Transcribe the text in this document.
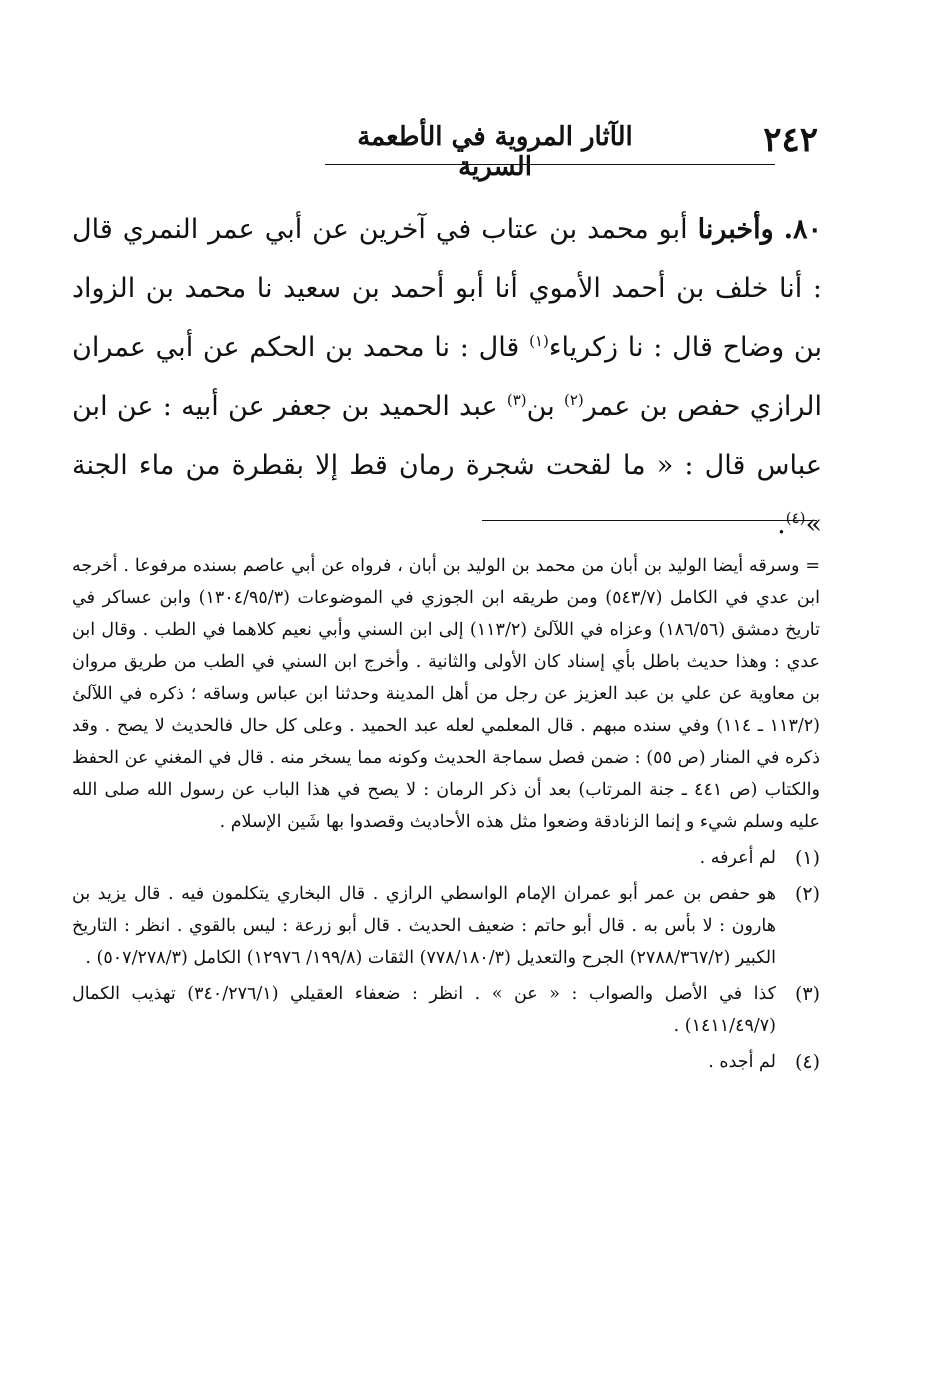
٢٤٢
الآثار المروية في الأطعمة السرية
٨٠. وأخبرنا أبو محمد بن عتاب في آخرين عن أبي عمر النمري قال : أنا خلف بن أحمد الأموي أنا أبو أحمد بن سعيد نا محمد بن الزواد بن وضاح قال : نا زكرياء$^{(١)}$ قال : نا محمد بن الحكم عن أبي عمران الرازي حفص بن عمر$^{(٢)}$ بن$^{(٣)}$ عبد الحميد بن جعفر عن أبيه : عن ابن عباس قال : « ما لقحت شجرة رمان قط إلا بقطرة من ماء الجنة »$^{(٤)}$.

= وسرقه أيضا الوليد بن أبان من محمد بن الوليد بن أبان ، فرواه عن أبي عاصم بسنده مرفوعا . أخرجه ابن عدي في الكامل (٥٤٣/٧) ومن طريقه ابن الجوزي في الموضوعات (١٣٠٤/٩٥/٣) وابن عساكر في تاريخ دمشق (١٨٦/٥٦) وعزاه في اللآلئ (١١٣/٢) إلى ابن السني وأبي نعيم كلاهما في الطب . وقال ابن عدي : وهذا حديث باطل بأي إسناد كان الأولى والثانية . وأخرج ابن السني في الطب من طريق مروان بن معاوية عن علي بن عبد العزيز عن رجل من أهل المدينة وحدثنا ابن عباس وساقه ؛ ذكره في اللآلئ (١١٣/٢ ـ ١١٤) وفي سنده مبهم . قال المعلمي لعله عبد الحميد . وعلى كل حال فالحديث لا يصح . وقد ذكره في المنار (ص ٥٥) : ضمن فصل سماجة الحديث وكونه مما يسخر منه . قال في المغني عن الحفظ والكتاب (ص ٤٤١ ـ جنة المرتاب) بعد أن ذكر الرمان : لا يصح في هذا الباب عن رسول الله صلى الله عليه وسلم شيء و إنما الزنادقة وضعوا مثل هذه الأحاديث وقصدوا بها شَين الإسلام .

(١)
لم أعرفه .
(٢)
هو حفص بن عمر أبو عمران الإمام الواسطي الرازي . قال البخاري يتكلمون فيه . قال يزيد بن هارون : لا بأس به . قال أبو حاتم : ضعيف الحديث . قال أبو زرعة : ليس بالقوي . انظر : التاريخ الكبير (٢٧٨٨/٣٦٧/٢) الجرح والتعديل (٧٧٨/١٨٠/٣) الثقات (١٩٩/٨/ ١٢٩٧٦) الكامل (٥٠٧/٢٧٨/٣) .
(٣)
كذا في الأصل والصواب : « عن » . انظر : ضعفاء العقيلي (٣٤٠/٢٧٦/١) تهذيب الكمال (١٤١١/٤٩/٧) .
(٤)
لم أجده .
